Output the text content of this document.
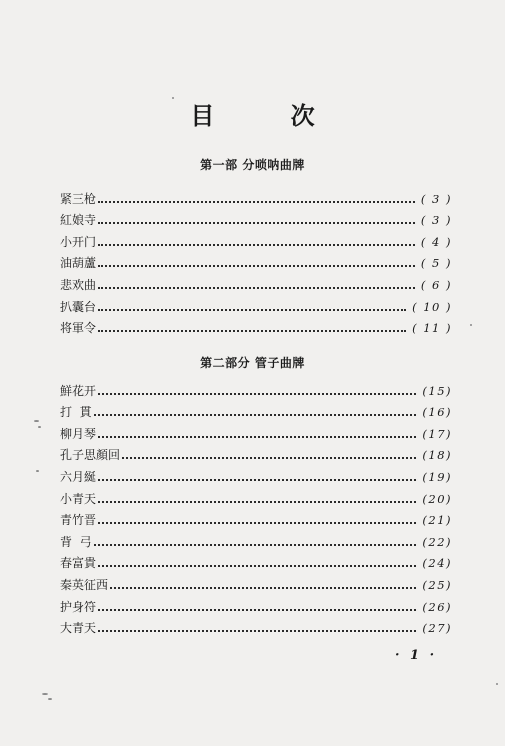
目 次
第一部 分唢呐曲牌
紧三枪	( 3 )
紅娘寺	( 3 )
小开门	( 4 )
油葫蘆	( 5 )
悲欢曲	( 6 )
扒囊台	( 10 )
将軍令	( 11 )
第二部分 管子曲牌
鮮花开	(15)
打  貫	(16)
柳月琴	(17)
孔子思顏回	(18)
六月綖	(19)
小青天	(20)
青竹晋	(21)
背  弓	(22)
春富貴	(24)
秦英征西	(25)
护身符	(26)
大青天	(27)
· 1 ·
